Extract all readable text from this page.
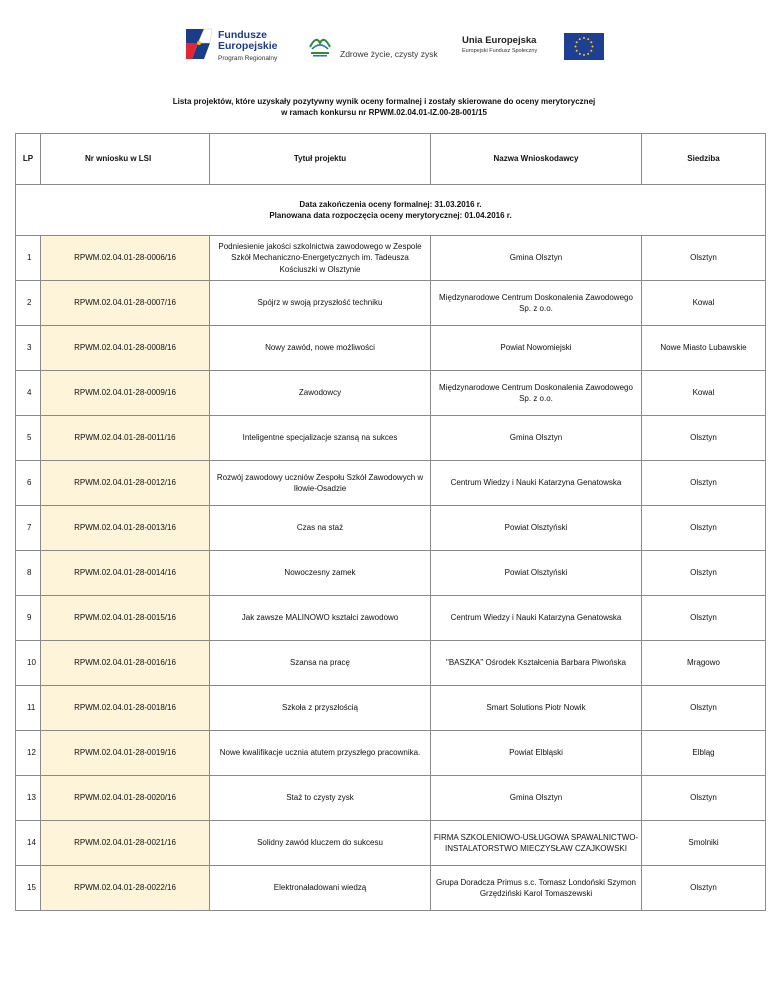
Fundusze
Europejskie
Program Regionalny	Zdrowe życie, czysty zysk
Unia Europejska
Europejski Fundusz Społeczny
Lista projektów, które uzyskały pozytywny wynik oceny formalnej i zostały skierowane do oceny merytorycznej
w ramach konkursu nr RPWM.02.04.01-IZ.00-28-001/15
LP	Nr wniosku w LSI	Tytuł projektu	Nazwa Wnioskodawcy	Siedziba

Data zakończenia oceny formalnej: 31.03.2016 r.
Planowana data rozpoczęcia oceny merytorycznej: 01.04.2016 r.				

1	RPWM.02.04.01-28-0006/16	Podniesienie jakości szkolnictwa zawodowego w Zespole Szkół Mechaniczno-Energetycznych im. Tadeusza Kościuszki w Olsztynie	Gmina Olsztyn	Olsztyn
2	RPWM.02.04.01-28-0007/16	Spójrz w swoją przyszłość techniku	Międzynarodowe Centrum Doskonalenia Zawodowego Sp. z o.o.	Kowal
3	RPWM.02.04.01-28-0008/16	Nowy zawód, nowe możliwości	Powiat Nowomiejski	Nowe Miasto Lubawskie
4	RPWM.02.04.01-28-0009/16	Zawodowcy	Międzynarodowe Centrum Doskonalenia Zawodowego Sp. z o.o.	Kowal
5	RPWM.02.04.01-28-0011/16	Inteligentne specjalizacje szansą na sukces	Gmina Olsztyn	Olsztyn
6	RPWM.02.04.01-28-0012/16	Rozwój zawodowy uczniów Zespołu Szkół Zawodowych w Iłowie-Osadzie	Centrum Wiedzy i Nauki Katarzyna Genatowska	Olsztyn
7	RPWM.02.04.01-28-0013/16	Czas na staż	Powiat Olsztyński	Olsztyn
8	RPWM.02.04.01-28-0014/16	Nowoczesny zamek	Powiat Olsztyński	Olsztyn
9	RPWM.02.04.01-28-0015/16	Jak zawsze MALINOWO kształci zawodowo	Centrum Wiedzy i Nauki Katarzyna Genatowska	Olsztyn
10	RPWM.02.04.01-28-0016/16	Szansa na pracę	"BASZKA" Ośrodek Kształcenia Barbara Piwońska	Mrągowo
11	RPWM.02.04.01-28-0018/16	Szkoła z przyszłością	Smart Solutions Piotr Nowik	Olsztyn
12	RPWM.02.04.01-28-0019/16	Nowe kwalifikacje ucznia atutem przyszłego pracownika.	Powiat Elbląski	Elbląg
13	RPWM.02.04.01-28-0020/16	Staż to czysty zysk	Gmina Olsztyn	Olsztyn
14	RPWM.02.04.01-28-0021/16	Solidny zawód kluczem do sukcesu	FIRMA SZKOLENIOWO-USŁUGOWA SPAWALNICTWO-INSTALATORSTWO MIECZYSŁAW CZAJKOWSKI	Smolniki
15	RPWM.02.04.01-28-0022/16	Elektronaładowani wiedzą	Grupa Doradcza Primus s.c. Tomasz Londoński Szymon Grzędziński Karol Tomaszewski	Olsztyn
